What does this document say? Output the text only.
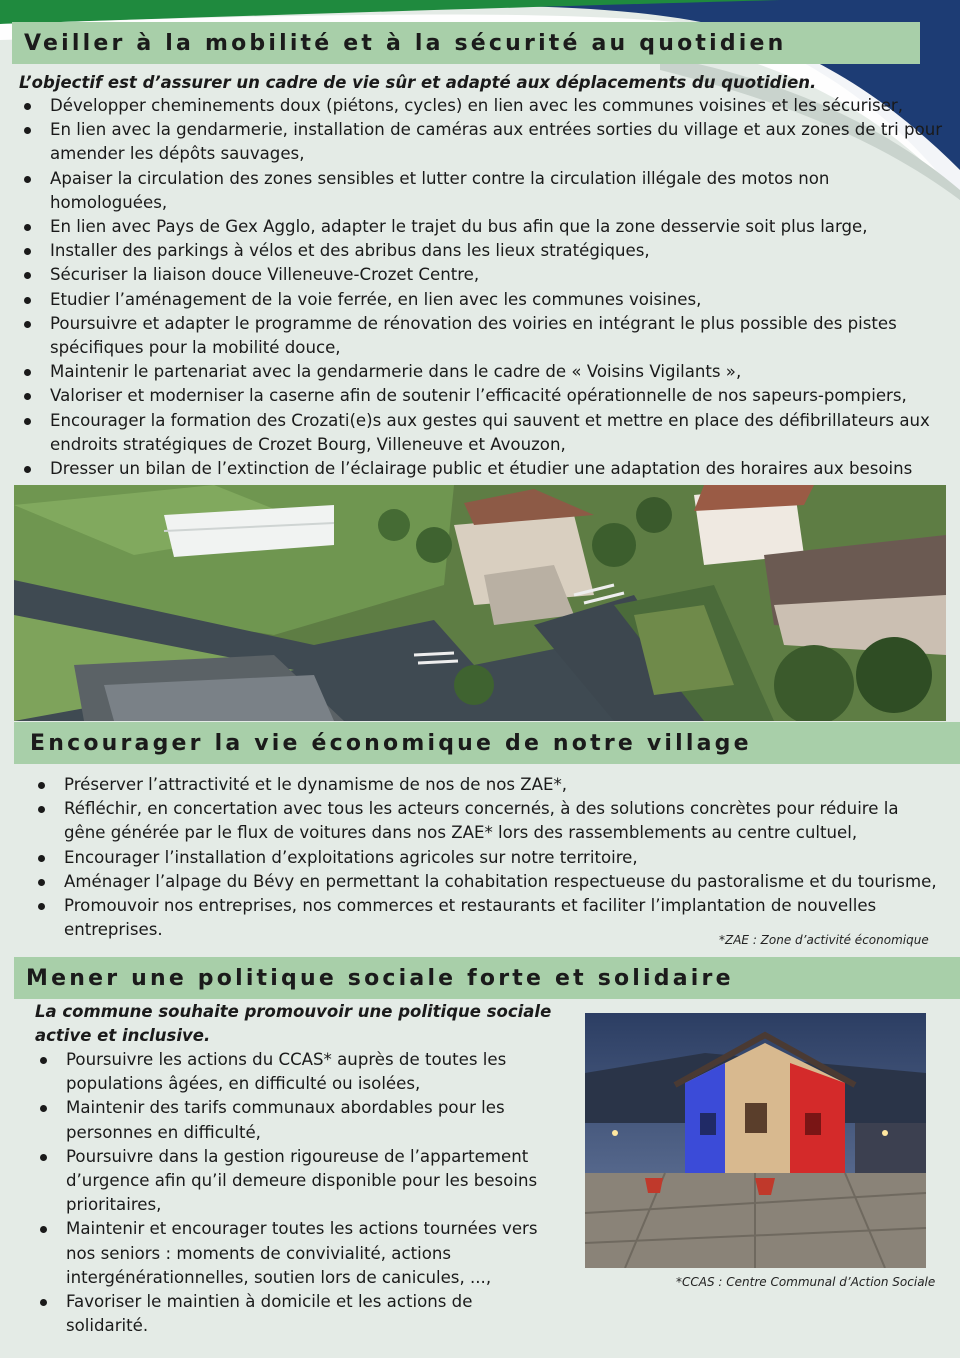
Veiller à la mobilité et à la sécurité au quotidien

L’objectif est d’assurer un cadre de vie sûr et adapté aux déplacements du quotidien.

Développer cheminements doux (piétons, cycles) en lien avec les communes voisines et les sécuriser,
En lien avec la gendarmerie, installation de caméras aux entrées sorties du village et aux zones de tri pour amender les dépôts sauvages,
Apaiser la circulation des zones sensibles et lutter contre la circulation illégale des motos non homologuées,
En lien avec Pays de Gex Agglo, adapter le trajet du bus afin que la zone desservie soit plus large,
Installer des parkings à vélos et des abribus dans les lieux stratégiques,
Sécuriser la liaison douce Villeneuve-Crozet Centre,
Etudier l’aménagement de la voie ferrée, en lien avec les communes voisines,
Poursuivre et adapter le programme de rénovation des voiries en intégrant le plus possible des pistes spécifiques pour la mobilité douce,
Maintenir le partenariat avec la gendarmerie dans le cadre de « Voisins Vigilants »,
Valoriser et moderniser la caserne afin de soutenir l’efficacité opérationnelle de nos sapeurs-pompiers,
Encourager la formation des Crozati(e)s aux gestes qui sauvent et mettre en place des défibrillateurs aux endroits stratégiques de Crozet Bourg, Villeneuve et Avouzon,
Dresser un bilan de l’extinction de l’éclairage public et étudier une adaptation des horaires aux besoins
Encourager la vie économique de notre village
Préserver l’attractivité et le dynamisme de nos de nos ZAE*,
Réfléchir, en concertation avec tous les acteurs concernés, à des solutions concrètes pour réduire la gêne générée par le flux de voitures dans nos ZAE* lors des rassemblements au centre cultuel,
Encourager l’installation d’exploitations agricoles sur notre territoire,
Aménager l’alpage du Bévy en permettant la cohabitation respectueuse du pastoralisme et du tourisme,
Promouvoir nos entreprises, nos commerces et restaurants et faciliter l’implantation de nouvelles entreprises.
*ZAE : Zone d’activité économique
Mener une politique sociale forte et solidaire

La commune souhaite promouvoir une politique sociale active et inclusive.

Poursuivre les actions du CCAS* auprès de toutes les populations âgées, en difficulté ou isolées,
Maintenir des tarifs communaux abordables pour les personnes en difficulté,
Poursuivre dans la gestion rigoureuse de l’appartement d’urgence afin qu’il demeure disponible pour les besoins prioritaires,
Maintenir et encourager toutes les actions tournées vers nos seniors : moments de convivialité, actions intergénérationnelles, soutien lors de canicules, ...,
Favoriser le maintien à domicile et les actions de solidarité.
*CCAS : Centre Communal d’Action Sociale
